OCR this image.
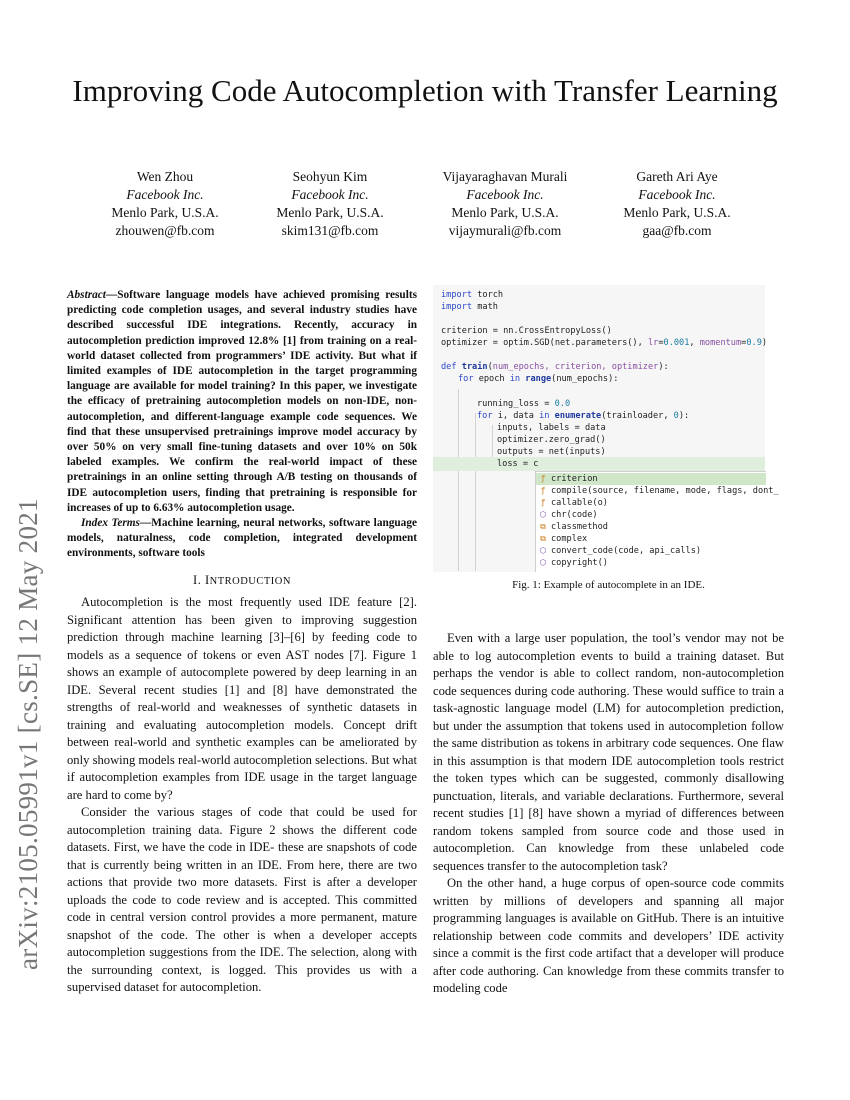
Improving Code Autocompletion with Transfer Learning
Wen Zhou
Facebook Inc.
Menlo Park, U.S.A.
zhouwen@fb.com
Seohyun Kim
Facebook Inc.
Menlo Park, U.S.A.
skim131@fb.com
Vijayaraghavan Murali
Facebook Inc.
Menlo Park, U.S.A.
vijaymurali@fb.com
Gareth Ari Aye
Facebook Inc.
Menlo Park, U.S.A.
gaa@fb.com
arXiv:2105.05991v1 [cs.SE] 12 May 2021
Abstract—Software language models have achieved promising results predicting code completion usages, and several industry studies have described successful IDE integrations. Recently, accuracy in autocompletion prediction improved 12.8% [1] from training on a real-world dataset collected from programmers’ IDE activity. But what if limited examples of IDE autocompletion in the target programming language are available for model training? In this paper, we investigate the efficacy of pretraining autocompletion models on non-IDE, non-autocompletion, and different-language example code sequences. We find that these unsupervised pretrainings improve model accuracy by over 50% on very small fine-tuning datasets and over 10% on 50k labeled examples. We confirm the real-world impact of these pretrainings in an online setting through A/B testing on thousands of IDE autocompletion users, finding that pretraining is responsible for increases of up to 6.63% autocompletion usage.
Index Terms—Machine learning, neural networks, software language models, naturalness, code completion, integrated development environments, software tools
I. INTRODUCTION

Autocompletion is the most frequently used IDE feature [2]. Significant attention has been given to improving suggestion prediction through machine learning [3]–[6] by feeding code to models as a sequence of tokens or even AST nodes [7]. Figure 1 shows an example of autocomplete powered by deep learning in an IDE. Several recent studies [1] and [8] have demonstrated the strengths of real-world and weaknesses of synthetic datasets in training and evaluating autocompletion models. Concept drift between real-world and synthetic examples can be ameliorated by only showing models real-world autocompletion selections. But what if autocompletion examples from IDE usage in the target language are hard to come by?

Consider the various stages of code that could be used for autocompletion training data. Figure 2 shows the different code datasets. First, we have the code in IDE- these are snapshots of code that is currently being written in an IDE. From here, there are two actions that provide two more datasets. First is after a developer uploads the code to code review and is accepted. This committed code in central version control provides a more permanent, mature snapshot of the code. The other is when a developer accepts autocompletion suggestions from the IDE. The selection, along with the surrounding context, is logged. This provides us with a supervised dataset for autocompletion.

import torch
import math
criterion = nn.CrossEntropyLoss()
optimizer = optim.SGD(net.parameters(), lr=0.001, momentum=0.9)
def train(num_epochs, criterion, optimizer):
for epoch in range(num_epochs):
running_loss = 0.0
for i, data in enumerate(trainloader, 0):
inputs, labels = data
optimizer.zero_grad()
outputs = net(inputs)
loss = c
ƒ criterion
ƒ compile(source, filename, mode, flags, dont_
ƒ callable(o)
⬡ chr(code)
⧉ classmethod
⧉ complex
⬡ convert_code(code, api_calls)
⬡ copyright()
Fig. 1: Example of autocomplete in an IDE.

Even with a large user population, the tool’s vendor may not be able to log autocompletion events to build a training dataset. But perhaps the vendor is able to collect random, non-autocompletion code sequences during code authoring. These would suffice to train a task-agnostic language model (LM) for autocompletion prediction, but under the assumption that tokens used in autocompletion follow the same distribution as tokens in arbitrary code sequences. One flaw in this assumption is that modern IDE autocompletion tools restrict the token types which can be suggested, commonly disallowing punctuation, literals, and variable declarations. Furthermore, several recent studies [1] [8] have shown a myriad of differences between random tokens sampled from source code and those used in autocompletion. Can knowledge from these unlabeled code sequences transfer to the autocompletion task?

On the other hand, a huge corpus of open-source code commits written by millions of developers and spanning all major programming languages is available on GitHub. There is an intuitive relationship between code commits and developers’ IDE activity since a commit is the first code artifact that a developer will produce after code authoring. Can knowledge from these commits transfer to modeling code
